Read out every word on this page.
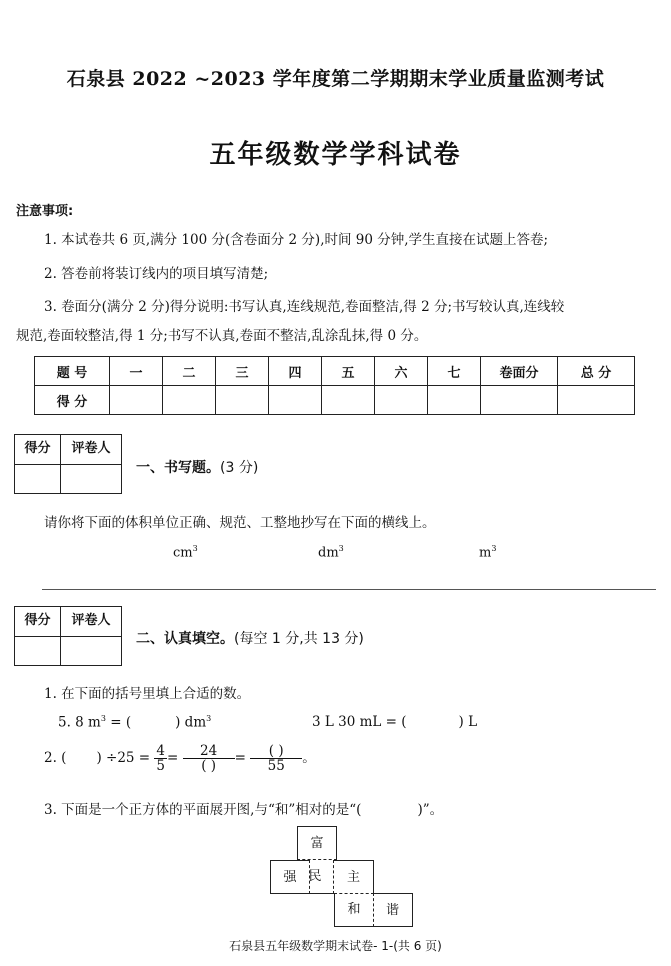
石泉县 2022 ~2023 学年度第二学期期末学业质量监测考试
五年级数学学科试卷
注意事项:
1. 本试卷共 6 页,满分 100 分(含卷面分 2 分),时间 90 分钟,学生直接在试题上答卷;
2. 答卷前将装订线内的项目填写清楚;
3. 卷面分(满分 2 分)得分说明:书写认真,连线规范,卷面整洁,得 2 分;书写较认真,连线较
规范,卷面较整洁,得 1 分;书写不认真,卷面不整洁,乱涂乱抹,得 0 分。
题 号	一	二	三	四	五	六	七	卷面分	总 分
得 分									
得分	评卷人
一、书写题。(3 分)
请你将下面的体积单位正确、规范、工整地抄写在下面的横线上。
$cm^3$	$dm^3$	$m^3$
得分	评卷人
二、认真填空。(每空 1 分,共 13 分)
1. 在下面的括号里填上合适的数。
5. 8 $m^3$ = (	) $dm^3$	3 L 30 mL = (	) L
2. ( ) $\div 25 = \frac{4}{5} = \frac{24}{( )} = \frac{( )}{55}$ 。
3. 下面是一个正方体的平面展开图,与“和”相对的是“(	)”。
富
强 民	主
和	谐
石泉县五年级数学期末试卷- 1-(共 6 页)
